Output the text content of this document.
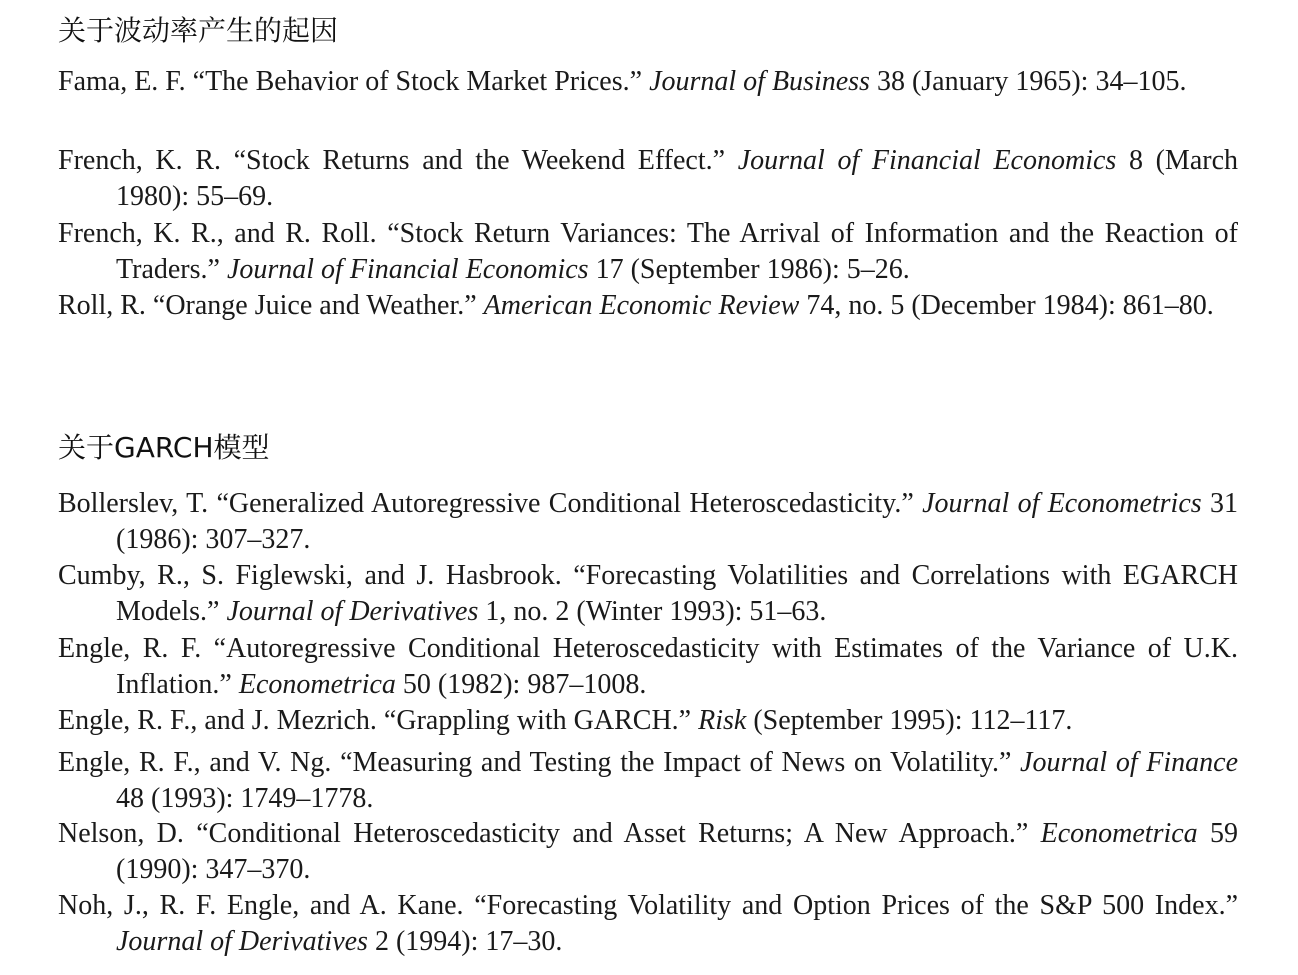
关于波动率产生的起因
Fama, E. F. “The Behavior of Stock Market Prices.” Journal of Business 38 (January 1965): 34–105.
French, K. R. “Stock Returns and the Weekend Effect.” Journal of Financial Economics 8 (March 1980): 55–69.
French, K. R., and R. Roll. “Stock Return Variances: The Arrival of Information and the Reaction of Traders.” Journal of Financial Economics 17 (September 1986): 5–26.
Roll, R. “Orange Juice and Weather.” American Economic Review 74, no. 5 (December 1984): 861–80.
关于GARCH模型
Bollerslev, T. “Generalized Autoregressive Conditional Heteroscedasticity.” Journal of Econometrics 31 (1986): 307–327.
Cumby, R., S. Figlewski, and J. Hasbrook. “Forecasting Volatilities and Correlations with EGARCH Models.” Journal of Derivatives 1, no. 2 (Winter 1993): 51–63.
Engle, R. F. “Autoregressive Conditional Heteroscedasticity with Estimates of the Variance of U.K. Inflation.” Econometrica 50 (1982): 987–1008.
Engle, R. F., and J. Mezrich. “Grappling with GARCH.” Risk (September 1995): 112–117.
Engle, R. F., and V. Ng. “Measuring and Testing the Impact of News on Volatility.” Journal of Finance 48 (1993): 1749–1778.
Nelson, D. “Conditional Heteroscedasticity and Asset Returns; A New Approach.” Econometrica 59 (1990): 347–370.
Noh, J., R. F. Engle, and A. Kane. “Forecasting Volatility and Option Prices of the S&P 500 Index.” Journal of Derivatives 2 (1994): 17–30.
